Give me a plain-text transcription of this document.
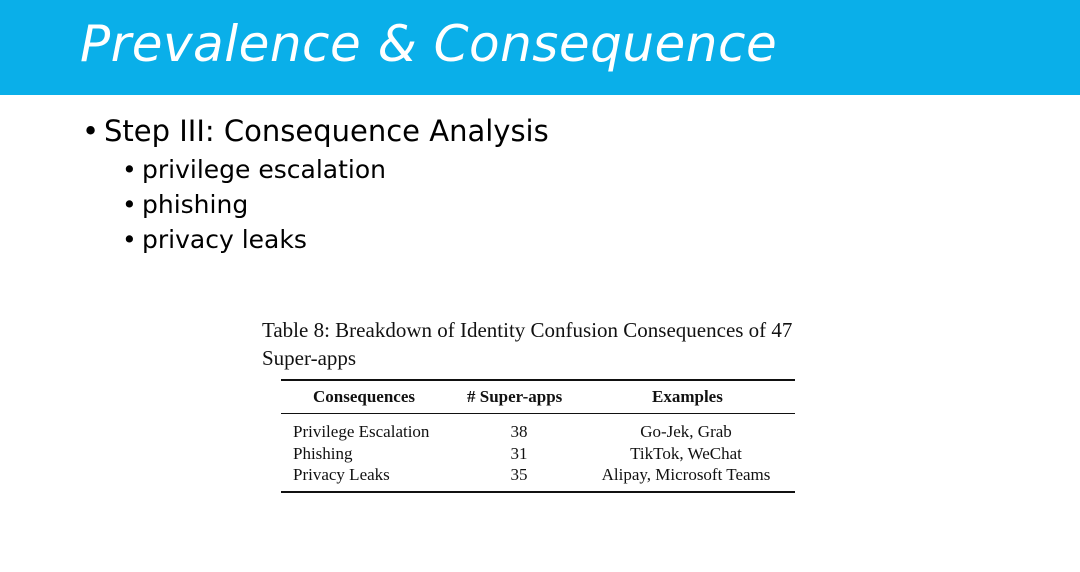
Prevalence & Consequence
• Step III: Consequence Analysis
• privilege escalation
• phishing
• privacy leaks
Table 8: Breakdown of Identity Confusion Consequences of 47 Super-apps
Consequences	# Super-apps	Examples
Privilege Escalation	38	Go-Jek, Grab
Phishing	31	TikTok, WeChat
Privacy Leaks	35	Alipay, Microsoft Teams
